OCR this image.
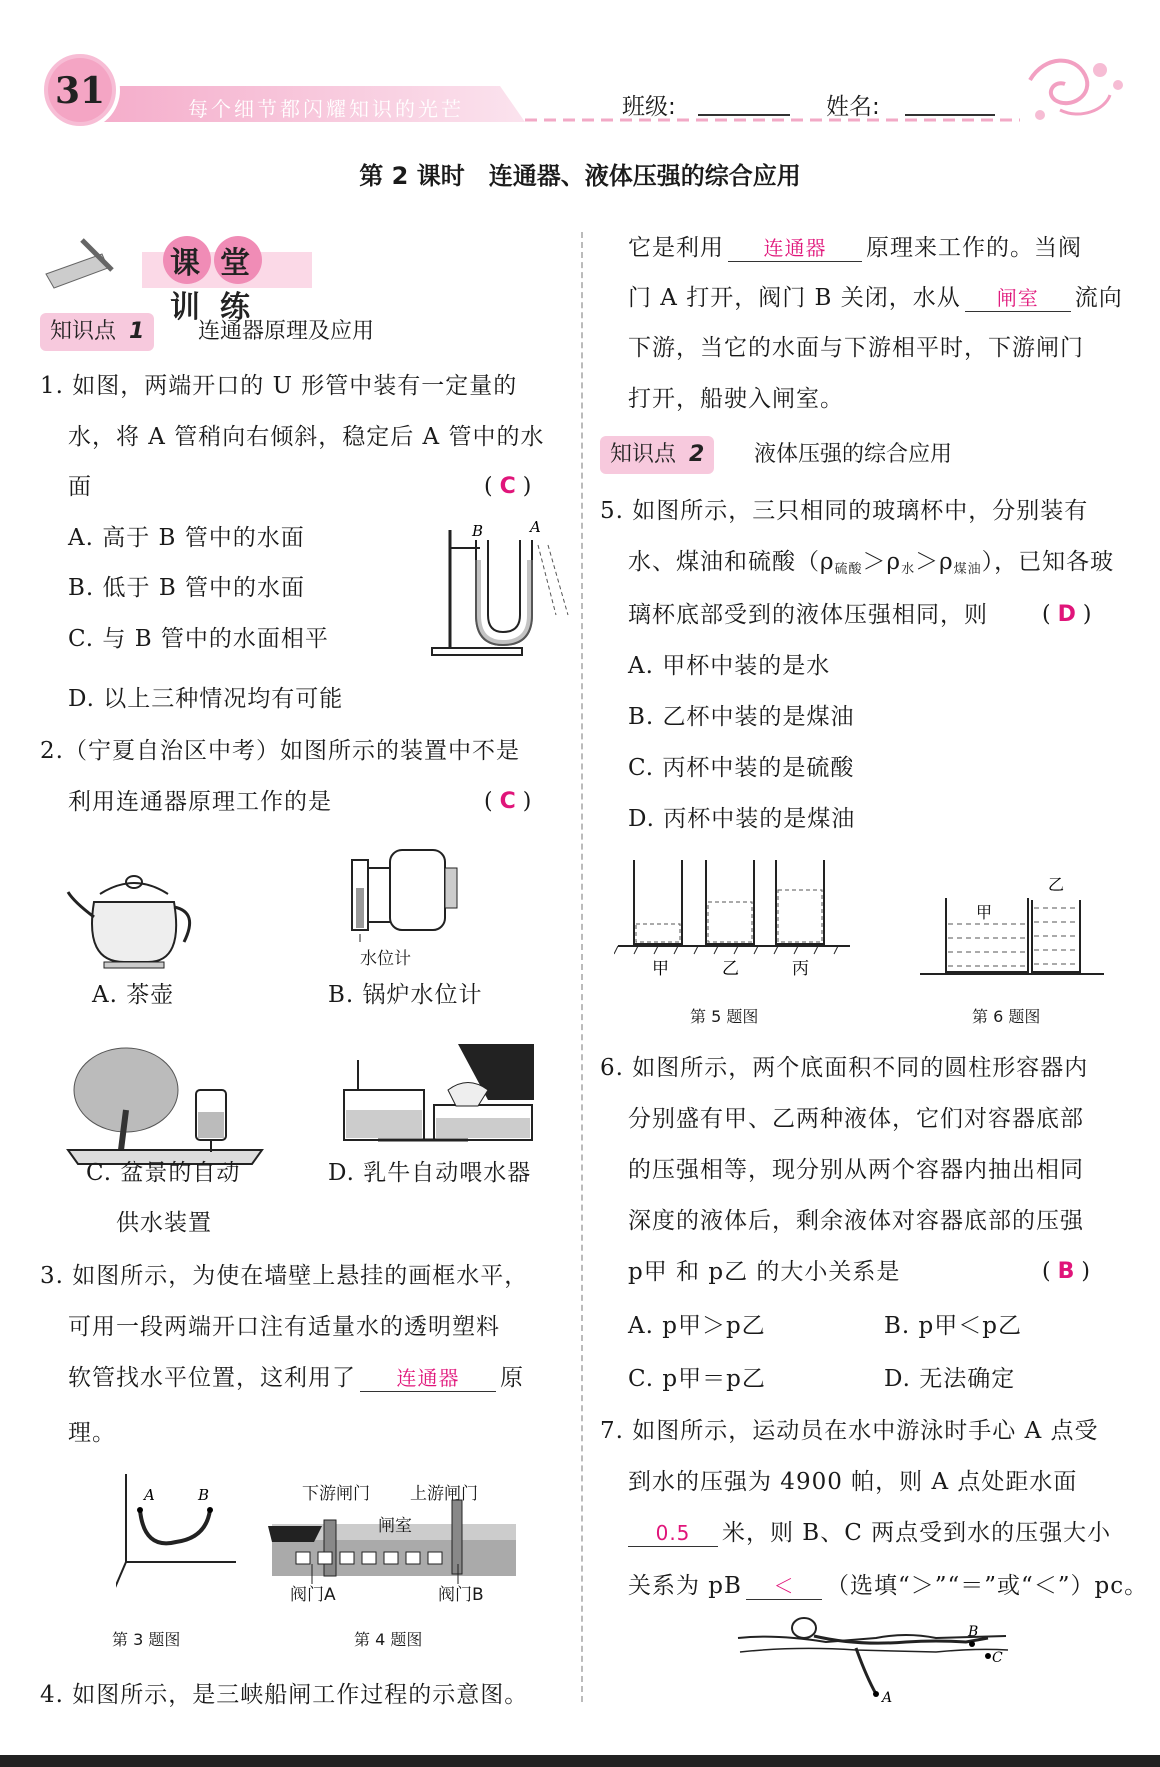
31	每个细节都闪耀知识的光芒	班级:	姓名:
第 2 课时　连通器、液体压强的综合应用
课堂训练
知识点 1	连通器原理及应用
1. 如图，两端开口的 U 形管中装有一定量的
水，将 A 管稍向右倾斜，稳定后 A 管中的水
面	( C )
A. 高于 B 管中的水面
B. 低于 B 管中的水面
C. 与 B 管中的水面相平
D. 以上三种情况均有可能
B	A
2.（宁夏自治区中考）如图所示的装置中不是
利用连通器原理工作的是	( C )
A. 茶壶
水位计
B. 锅炉水位计
C. 盆景的自动
供水装置
D. 乳牛自动喂水器
3. 如图所示，为使在墙壁上悬挂的画框水平，
可用一段两端开口注有适量水的透明塑料
软管找水平位置，这利用了 连通器 原
理。
A	B
第 3 题图
下游闸门 上游闸门
闸室
阀门A	阀门B
第 4 题图
4. 如图所示，是三峡船闸工作过程的示意图。
它是利用 连通器 原理来工作的。当阀
门 A 打开，阀门 B 关闭，水从 闸室 流向
下游，当它的水面与下游相平时，下游闸门
打开，船驶入闸室。
知识点 2	液体压强的综合应用
5. 如图所示，三只相同的玻璃杯中，分别装有
水、煤油和硫酸$(\rho_{硫酸}>\rho_水>\rho_{煤油})$，已知各玻
璃杯底部受到的液体压强相同，则 ( D )
A. 甲杯中装的是水
B. 乙杯中装的是煤油
C. 丙杯中装的是硫酸
D. 丙杯中装的是煤油
甲	乙	丙
第 5 题图
甲
乙
第 6 题图
6. 如图所示，两个底面积不同的圆柱形容器内
分别盛有甲、乙两种液体，它们对容器底部
的压强相等，现分别从两个容器内抽出相同
深度的液体后，剩余液体对容器底部的压强
p甲 和 p乙 的大小关系是	( B )
A. p甲＞p乙	B. p甲＜p乙
C. p甲＝p乙	D. 无法确定
7. 如图所示，运动员在水中游泳时手心 A 点受
到水的压强为 4900 帕，则 A 点处距水面
0.5 米，则 B、C 两点受到水的压强大小
关系为 pB ＜ （选填“＞”“＝”或“＜”）pc。
B
C
A
